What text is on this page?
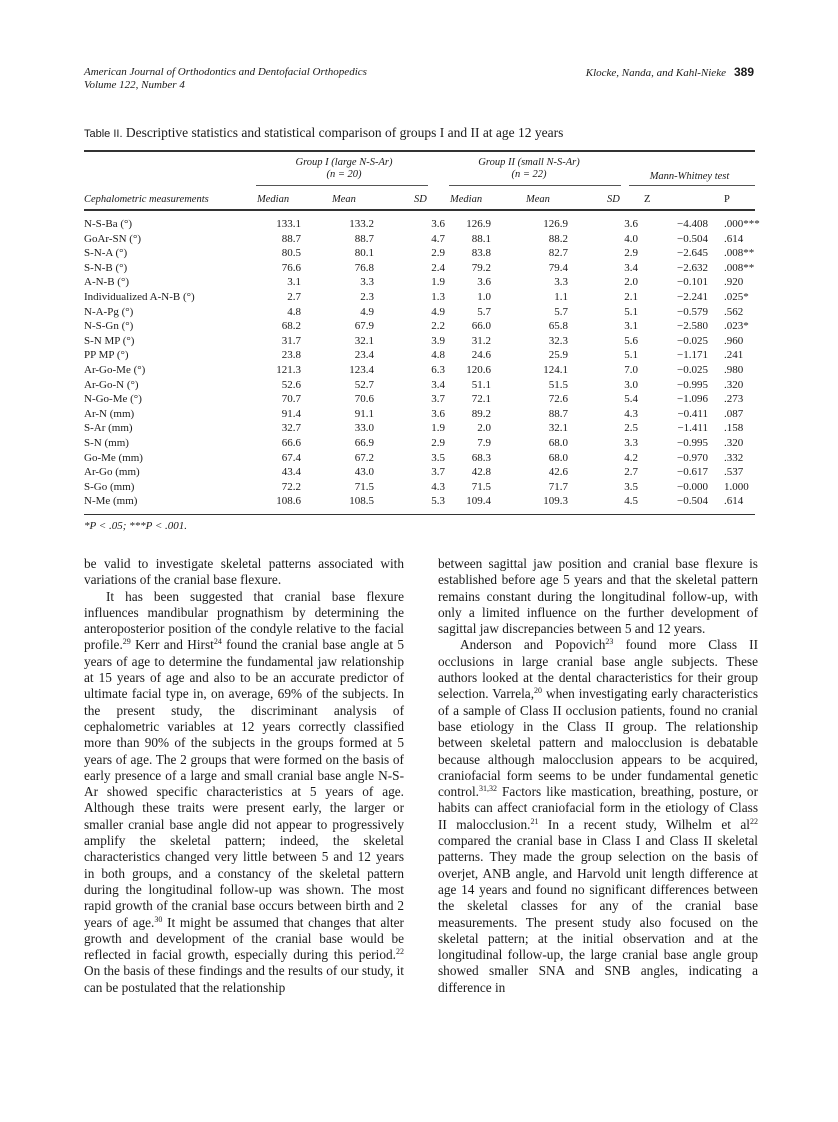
American Journal of Orthodontics and Dentofacial Orthopedics
Volume 122, Number 4
Klocke, Nanda, and Kahl-Nieke 389
Table II. Descriptive statistics and statistical comparison of groups I and II at age 12 years
Group I (large N-S-Ar)
(n = 20)
Group II (small N-S-Ar)
(n = 22)	Mann-Whitney test
Cephalometric measurements	Median	Mean	SD Median	Mean	SD Z	P
N-S-Ba (°)	133.1	133.2	3.6 126.9	126.9	3.6	−4.408 .000***
GoAr-SN (°)	88.7	88.7	4.7 88.1	88.2	4.0	−0.504 .614
S-N-A (°)	80.5	80.1	2.9 83.8	82.7	2.9	−2.645 .008**
S-N-B (°)	76.6	76.8	2.4 79.2	79.4	3.4	−2.632 .008**
A-N-B (°)	3.1	3.3	1.9	3.6	3.3	2.0	−0.101 .920
Individualized A-N-B (°)	2.7	2.3	1.3	1.0	1.1	2.1	−2.241 .025*
N-A-Pg (°)	4.8	4.9	4.9	5.7	5.7	5.1	−0.579 .562
N-S-Gn (°)	68.2	67.9	2.2 66.0	65.8	3.1	−2.580 .023*
S-N MP (°)	31.7	32.1	3.9 31.2	32.3	5.6	−0.025 .960
PP MP (°)	23.8	23.4	4.8 24.6	25.9	5.1	−1.171 .241
Ar-Go-Me (°)	121.3	123.4	6.3 120.6	124.1	7.0	−0.025 .980
Ar-Go-N (°)	52.6	52.7	3.4 51.1	51.5	3.0	−0.995 .320
N-Go-Me (°)	70.7	70.6	3.7 72.1	72.6	5.4	−1.096 .273
Ar-N (mm)	91.4	91.1	3.6 89.2	88.7	4.3	−0.411 .087
S-Ar (mm)	32.7	33.0	1.9	2.0	32.1	2.5	−1.411 .158
S-N (mm)	66.6	66.9	2.9	7.9	68.0	3.3	−0.995 .320
Go-Me (mm)	67.4	67.2	3.5 68.3	68.0	4.2	−0.970 .332
Ar-Go (mm)	43.4	43.0	3.7 42.8	42.6	2.7	−0.617 .537
S-Go (mm)	72.2	71.5	4.3 71.5	71.7	3.5	−0.000 1.000
N-Me (mm)	108.6	108.5	5.3 109.4	109.3	4.5	−0.504 .614
*P < .05; ***P < .001.

be valid to investigate skeletal patterns associated with variations of the cranial base flexure.

It has been suggested that cranial base flexure influences mandibular prognathism by determining the anteroposterior position of the condyle relative to the facial profile.$^{29}$ Kerr and Hirst$^{24}$ found the cranial base angle at 5 years of age to determine the fundamental jaw relationship at 15 years of age and also to be an accurate predictor of ultimate facial type in, on average, 69% of the subjects. In the present study, the discriminant analysis of cephalometric variables at 12 years correctly classified more than 90% of the subjects in the groups formed at 5 years of age. The 2 groups that were formed on the basis of early presence of a large and small cranial base angle N-S-Ar showed specific characteristics at 5 years of age. Although these traits were present early, the larger or smaller cranial base angle did not appear to progressively amplify the skeletal pattern; indeed, the skeletal characteristics changed very little between 5 and 12 years in both groups, and a constancy of the skeletal pattern during the longitudinal follow-up was shown. The most rapid growth of the cranial base occurs between birth and 2 years of age.$^{30}$ It might be assumed that changes that alter growth and development of the cranial base would be reflected in facial growth, especially during this period.$^{22}$ On the basis of these findings and the results of our study, it can be postulated that the relationship

between sagittal jaw position and cranial base flexure is established before age 5 years and that the skeletal pattern remains constant during the longitudinal follow-up, with only a limited influence on the further development of sagittal jaw discrepancies between 5 and 12 years.

Anderson and Popovich$^{23}$ found more Class II occlusions in large cranial base angle subjects. These authors looked at the dental characteristics for their group selection. Varrela,$^{20}$ when investigating early characteristics of a sample of Class II occlusion patients, found no cranial base etiology in the Class II group. The relationship between skeletal pattern and malocclusion is debatable because although malocclusion appears to be acquired, craniofacial form seems to be under fundamental genetic control.$^{31,32}$ Factors like mastication, breathing, posture, or habits can affect craniofacial form in the etiology of Class II malocclusion.$^{21}$ In a recent study, Wilhelm et $al^{22}$ compared the cranial base in Class I and Class II skeletal patterns. They made the group selection on the basis of overjet, ANB angle, and Harvold unit length difference at age 14 years and found no significant differences between the skeletal classes for any of the cranial base measurements. The present study also focused on the skeletal pattern; at the initial observation and at the longitudinal follow-up, the large cranial base angle group showed smaller SNA and SNB angles, indicating a difference in
